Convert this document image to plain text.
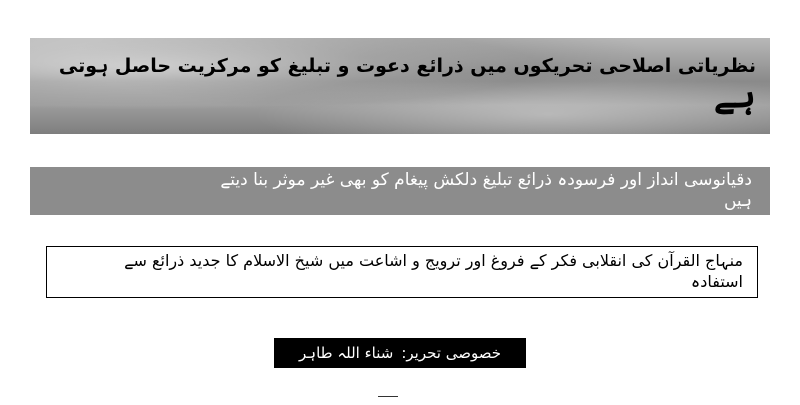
نظریاتی اصلاحی تحریکوں میں ذرائع دعوت و تبلیغ کو مرکزیت حاصل ہوتی
ہے
دقیانوسی انداز اور فرسودہ ذرائع تبلیغ دلکش پیغام کو بھی غیر موثر بنا دیتے
ہیں
منہاج القرآن کی انقلابی فکر کے فروغ اور ترویج و اشاعت میں شیخ الاسلام کا جدید ذرائع سے
استفادہ
خصوصی تحریر:
شناء اللہ طاہر
